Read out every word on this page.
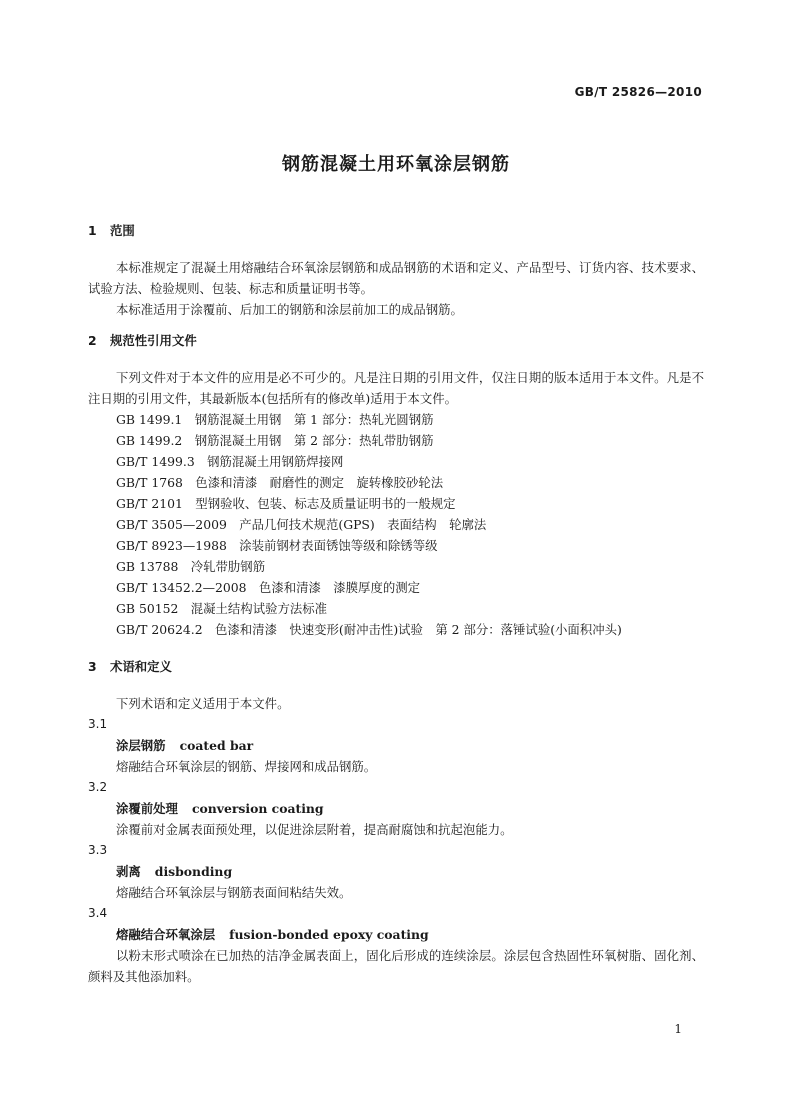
GB/T 25826—2010
钢筋混凝土用环氧涂层钢筋
1 范围

本标准规定了混凝土用熔融结合环氧涂层钢筋和成品钢筋的术语和定义、产品型号、订货内容、技术要求、试验方法、检验规则、包装、标志和质量证明书等。

本标准适用于涂覆前、后加工的钢筋和涂层前加工的成品钢筋。

2 规范性引用文件

下列文件对于本文件的应用是必不可少的。凡是注日期的引用文件，仅注日期的版本适用于本文件。凡是不注日期的引用文件，其最新版本(包括所有的修改单)适用于本文件。

GB 1499.1　钢筋混凝土用钢　第 1 部分：热轧光圆钢筋

GB 1499.2　钢筋混凝土用钢　第 2 部分：热轧带肋钢筋

GB/T 1499.3　钢筋混凝土用钢筋焊接网

GB/T 1768　色漆和清漆　耐磨性的测定　旋转橡胶砂轮法

GB/T 2101　型钢验收、包装、标志及质量证明书的一般规定

GB/T 3505—2009　产品几何技术规范(GPS)　表面结构　轮廓法

GB/T 8923—1988　涂装前钢材表面锈蚀等级和除锈等级

GB 13788　冷轧带肋钢筋

GB/T 13452.2—2008　色漆和清漆　漆膜厚度的测定

GB 50152　混凝土结构试验方法标准

GB/T 20624.2　色漆和清漆　快速变形(耐冲击性)试验　第 2 部分：落锤试验(小面积冲头)

3 术语和定义

下列术语和定义适用于本文件。

3.1

涂层钢筋 coated bar

熔融结合环氧涂层的钢筋、焊接网和成品钢筋。

3.2

涂覆前处理 conversion coating

涂覆前对金属表面预处理，以促进涂层附着，提高耐腐蚀和抗起泡能力。

3.3

剥离 disbonding

熔融结合环氧涂层与钢筋表面间粘结失效。

3.4

熔融结合环氧涂层 fusion-bonded epoxy coating

以粉末形式喷涂在已加热的洁净金属表面上，固化后形成的连续涂层。涂层包含热固性环氧树脂、固化剂、颜料及其他添加料。

1
